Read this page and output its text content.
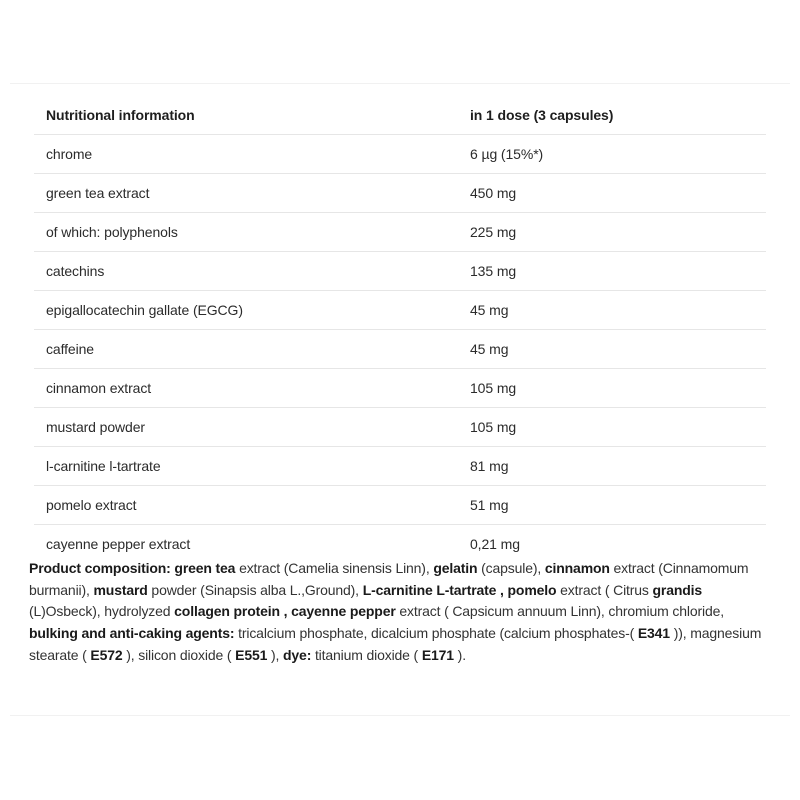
Nutritional information	in 1 dose (3 capsules)
chrome	6 µg (15%*)
green tea extract	450 mg
of which: polyphenols	225 mg
catechins	135 mg
epigallocatechin gallate (EGCG)	45 mg
caffeine	45 mg
cinnamon extract	105 mg
mustard powder	105 mg
l-carnitine l-tartrate	81 mg
pomelo extract	51 mg
cayenne pepper extract	0,21 mg

Product composition: green tea extract (Camelia sinensis Linn), gelatin (capsule), cinnamon extract (Cinnamomum burmanii), mustard powder (Sinapsis alba L.,Ground), L-carnitine L-tartrate , pomelo extract ( Citrus grandis (L)Osbeck), hydrolyzed collagen protein , cayenne pepper extract ( Capsicum annuum Linn), chromium chloride, bulking and anti-caking agents: tricalcium phosphate, dicalcium phosphate (calcium phosphates-( E341 )), magnesium stearate ( E572 ), silicon dioxide ( E551 ), dye: titanium dioxide ( E171 ).
